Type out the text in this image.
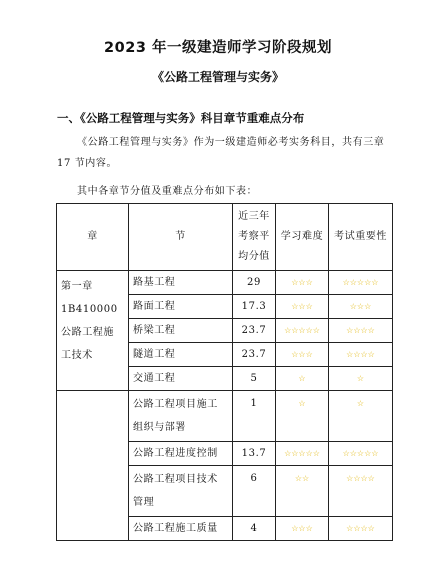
2023 年一级建造师学习阶段规划
《公路工程管理与实务》
一、《公路工程管理与实务》科目章节重难点分布
《公路工程管理与实务》作为一级建造师必考实务科目，共有三章 17 节内容。
其中各章节分值及重难点分布如下表：
章	节	近三年考察平均分值	学习难度	考试重要性
第一章 1B410000 公路工程施工技术	路基工程	29	☆☆☆	☆☆☆☆☆
	路面工程	17.3	☆☆☆	☆☆☆
	桥梁工程	23.7	☆☆☆☆☆	☆☆☆☆
	隧道工程	23.7	☆☆☆	☆☆☆☆
	交通工程	5	☆	☆
	公路工程项目施工组织与部署	1	☆	☆
	公路工程进度控制	13.7	☆☆☆☆☆	☆☆☆☆☆
	公路工程项目技术管理	6	☆☆	☆☆☆☆
	公路工程施工质量	4	☆☆☆	☆☆☆☆
